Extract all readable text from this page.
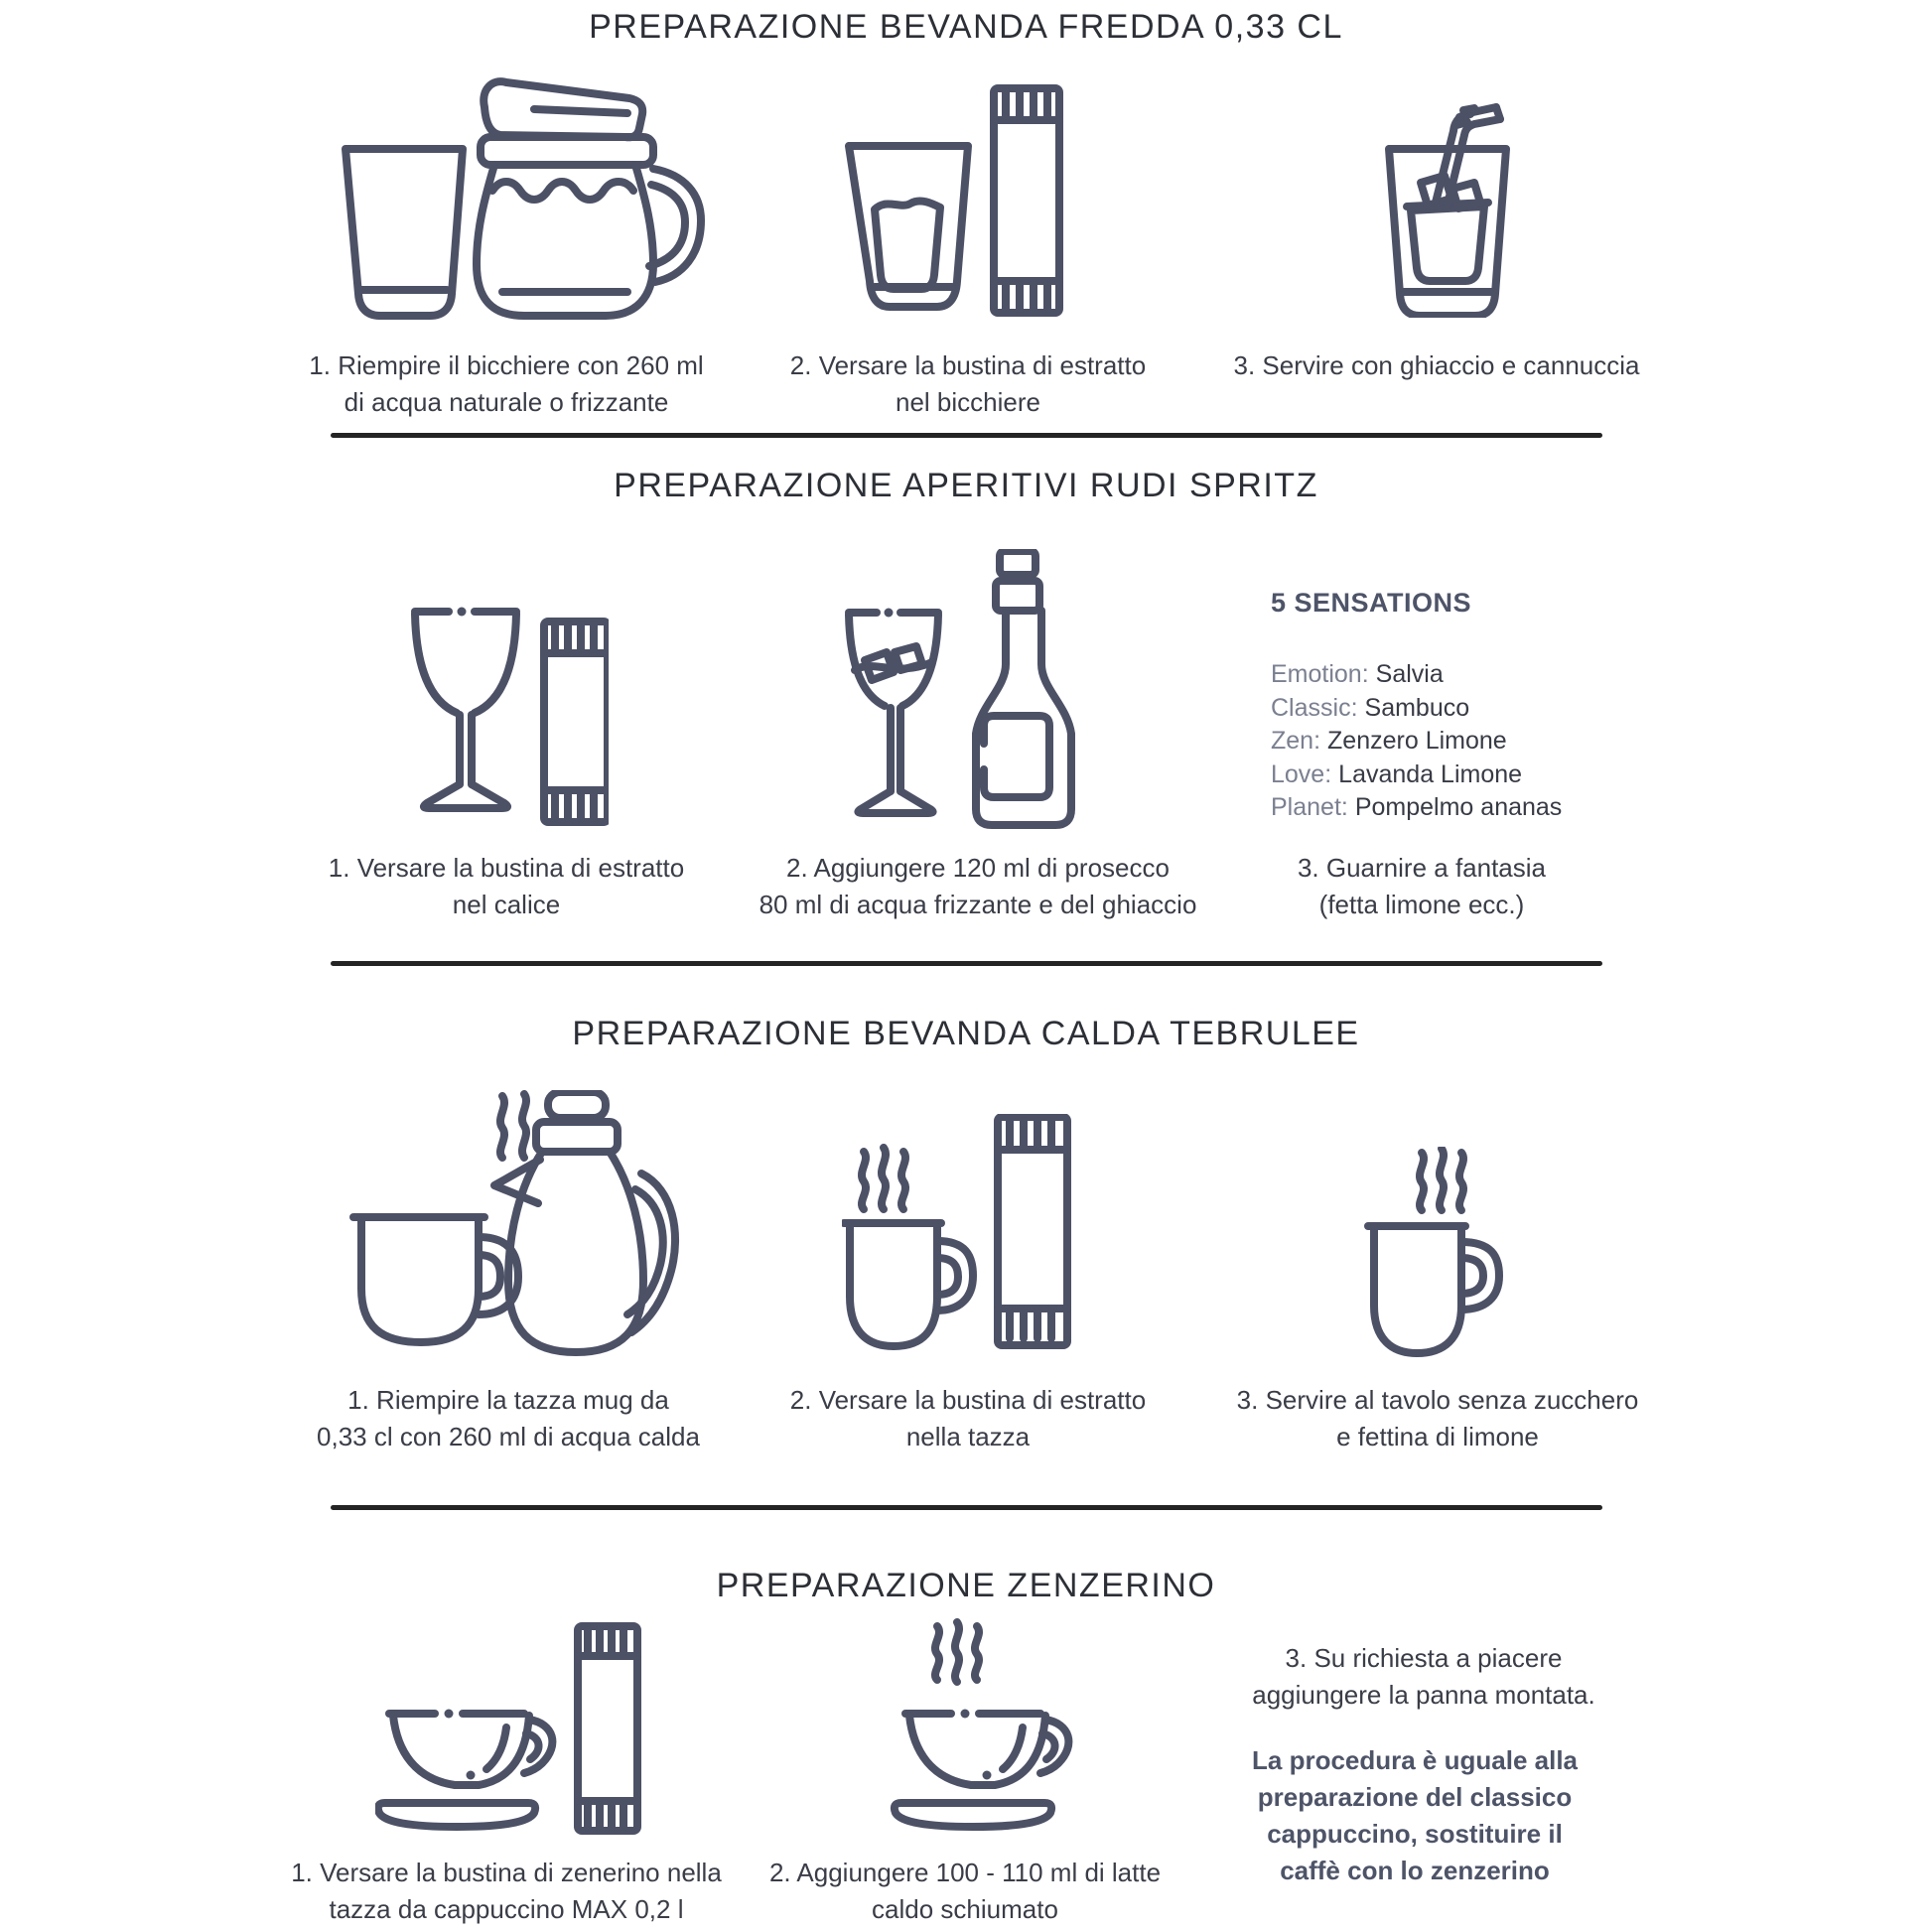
PREPARAZIONE BEVANDA FREDDA 0,33 CL
1. Riempire il bicchiere con 260 ml
di acqua naturale o frizzante
2. Versare la bustina di estratto
nel bicchiere
3. Servire con ghiaccio e cannuccia
PREPARAZIONE APERITIVI RUDI SPRITZ
5 SENSATIONS
Emotion: Salvia
Classic: Sambuco
Zen: Zenzero Limone
Love: Lavanda Limone
Planet: Pompelmo ananas
1. Versare la bustina di estratto
nel calice
2. Aggiungere 120 ml di prosecco
80 ml di acqua frizzante e del ghiaccio
3. Guarnire a fantasia
(fetta limone ecc.)
PREPARAZIONE BEVANDA CALDA TEBRULEE
1. Riempire la tazza mug da
0,33 cl con 260 ml di acqua calda
2. Versare la bustina di estratto
nella tazza
3. Servire al tavolo senza zucchero
e fettina di limone
PREPARAZIONE ZENZERINO
1. Versare la bustina di zenerino nella
tazza da cappuccino MAX 0,2 l
2. Aggiungere 100 - 110 ml di latte
caldo schiumato
3. Su richiesta a piacere
aggiungere la panna montata.
La procedura è uguale alla
preparazione del classico
cappuccino, sostituire il
caffè con lo zenzerino
